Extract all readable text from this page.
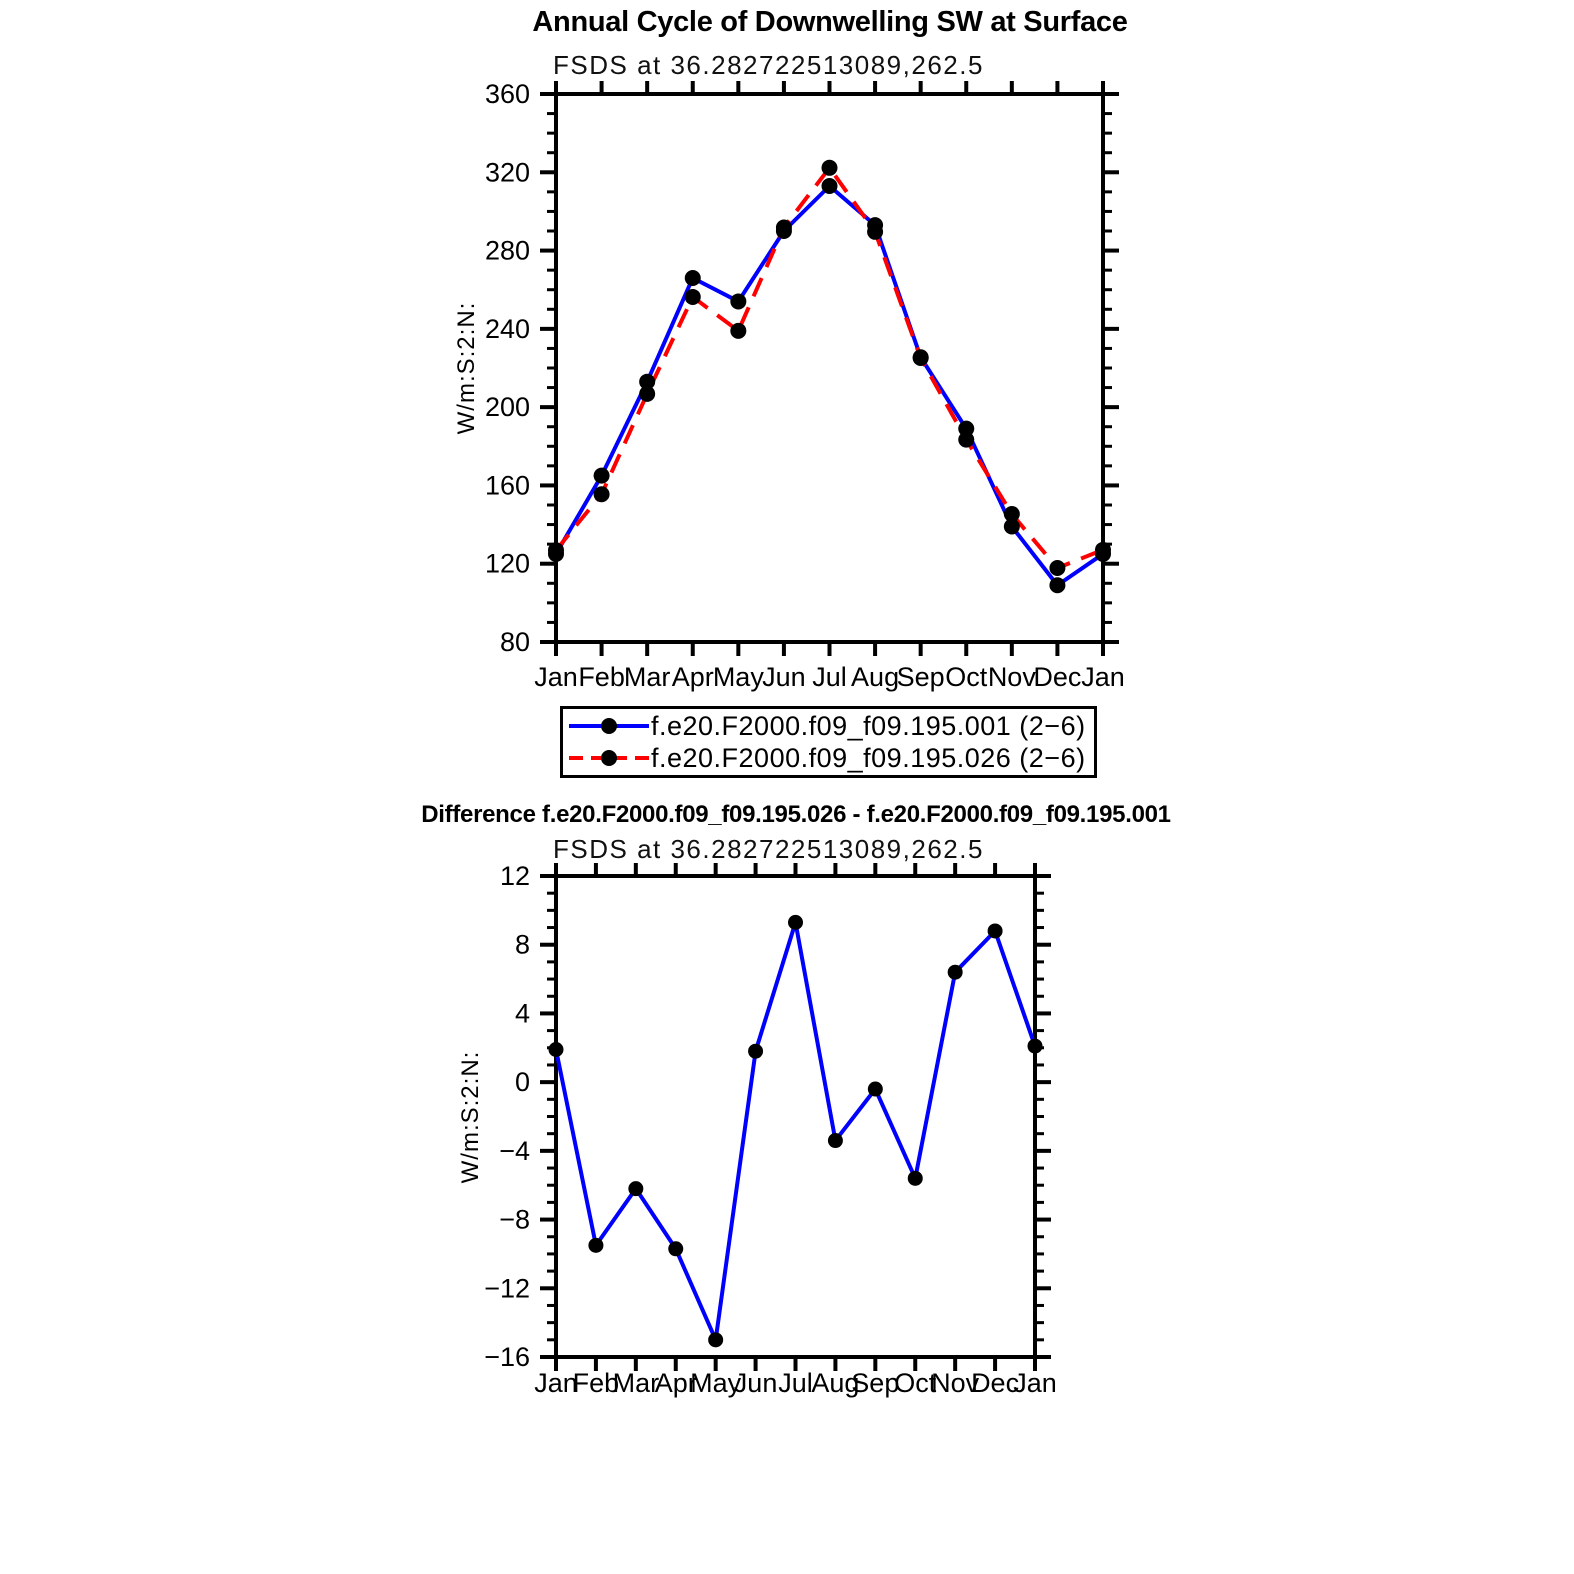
Annual Cycle of Downwelling SW at Surface
FSDS at 36.282722513089,262.5
W/m:S:2:N:
80
120
160
200
240
280
320
360
Jan Feb Mar Apr May
Jun Jul Aug
Sep Oct Nov
Dec Jan
−16
−12
−8
−4
0
4
8
12
Jan
Feb
Mar
Apr
May
Jun Jul
Aug
Sep
Oct
Nov
Dec
Jan
f.e20.F2000.f09_f09.195.001 (2−6)
f.e20.F2000.f09_f09.195.026 (2−6)
Difference f.e20.F2000.f09_f09.195.026 - f.e20.F2000.f09_f09.195.001
FSDS at 36.282722513089,262.5
W/m:S:2:N:
